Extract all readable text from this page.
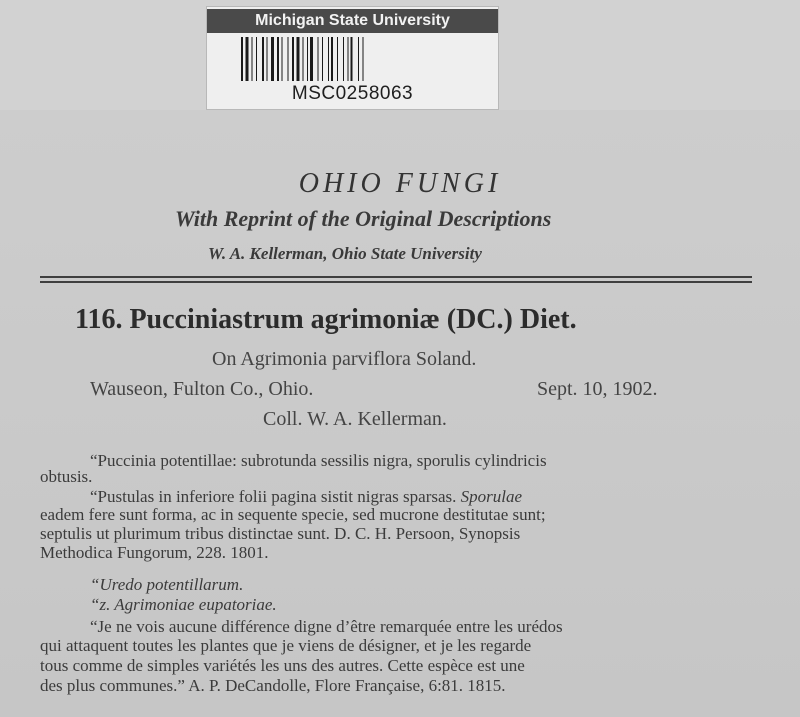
Michigan State University
MSC0258063
OHIO FUNGI
With Reprint of the Original Descriptions
W. A. Kellerman, Ohio State University
116. Pucciniastrum agrimoniæ (DC.) Diet.
On Agrimonia parviflora Soland.
Wauseon, Fulton Co., Ohio.	Sept. 10, 1902.
Coll. W. A. Kellerman.
“Puccinia potentillae: subrotunda sessilis nigra, sporulis cylindricis
obtusis.
“Pustulas in inferiore folii pagina sistit nigras sparsas. Sporulae
eadem fere sunt forma, ac in sequente specie, sed mucrone destitutae sunt;
septulis ut plurimum tribus distinctae sunt. D. C. H. Persoon, Synopsis
Methodica Fungorum, 228. 1801.
“Uredo potentillarum.
“z. Agrimoniae eupatoriae.
“Je ne vois aucune différence digne d’être remarquée entre les urédos
qui attaquent toutes les plantes que je viens de désigner, et je les regarde
tous comme de simples variétés les uns des autres. Cette espèce est une
des plus communes.” A. P. DeCandolle, Flore Française, 6:81. 1815.
